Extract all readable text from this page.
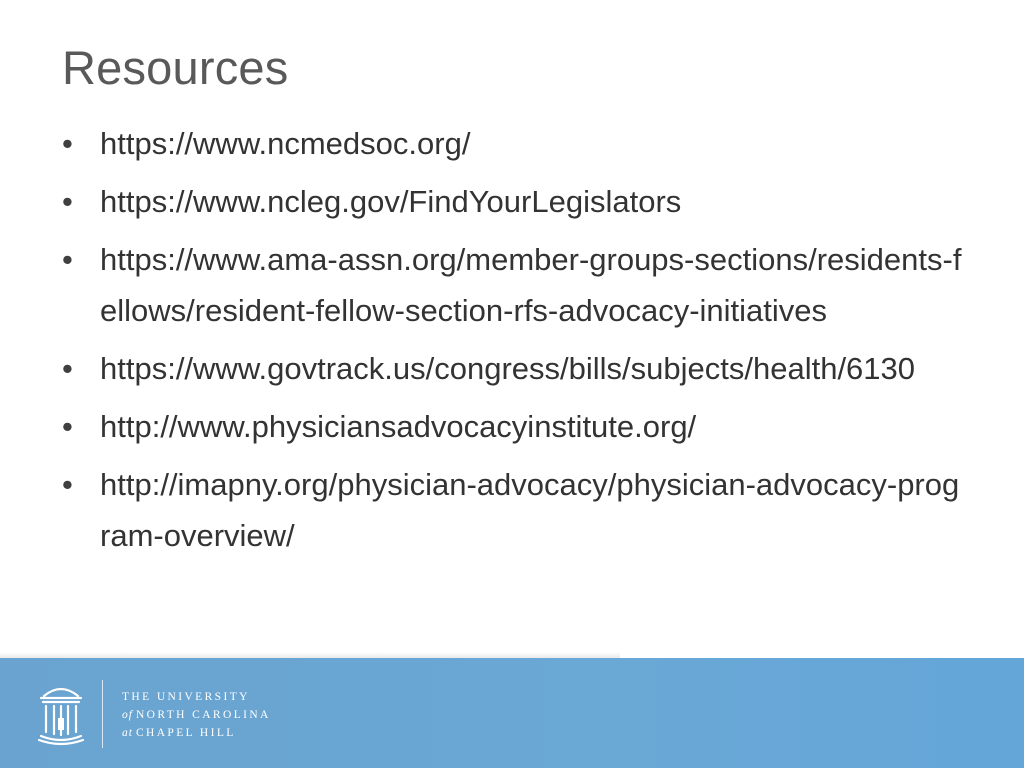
Resources
• https://www.ncmedsoc.org/
• https://www.ncleg.gov/FindYourLegislators
• https://www.ama-assn.org/member-groups-sections/residents-fellows/resident-fellow-section-rfs-advocacy-initiatives
• https://www.govtrack.us/congress/bills/subjects/health/6130
• http://www.physiciansadvocacyinstitute.org/
• http://imapny.org/physician-advocacy/physician-advocacy-program-overview/
THE UNIVERSITY
of NORTH CAROLINA
at CHAPEL HILL
